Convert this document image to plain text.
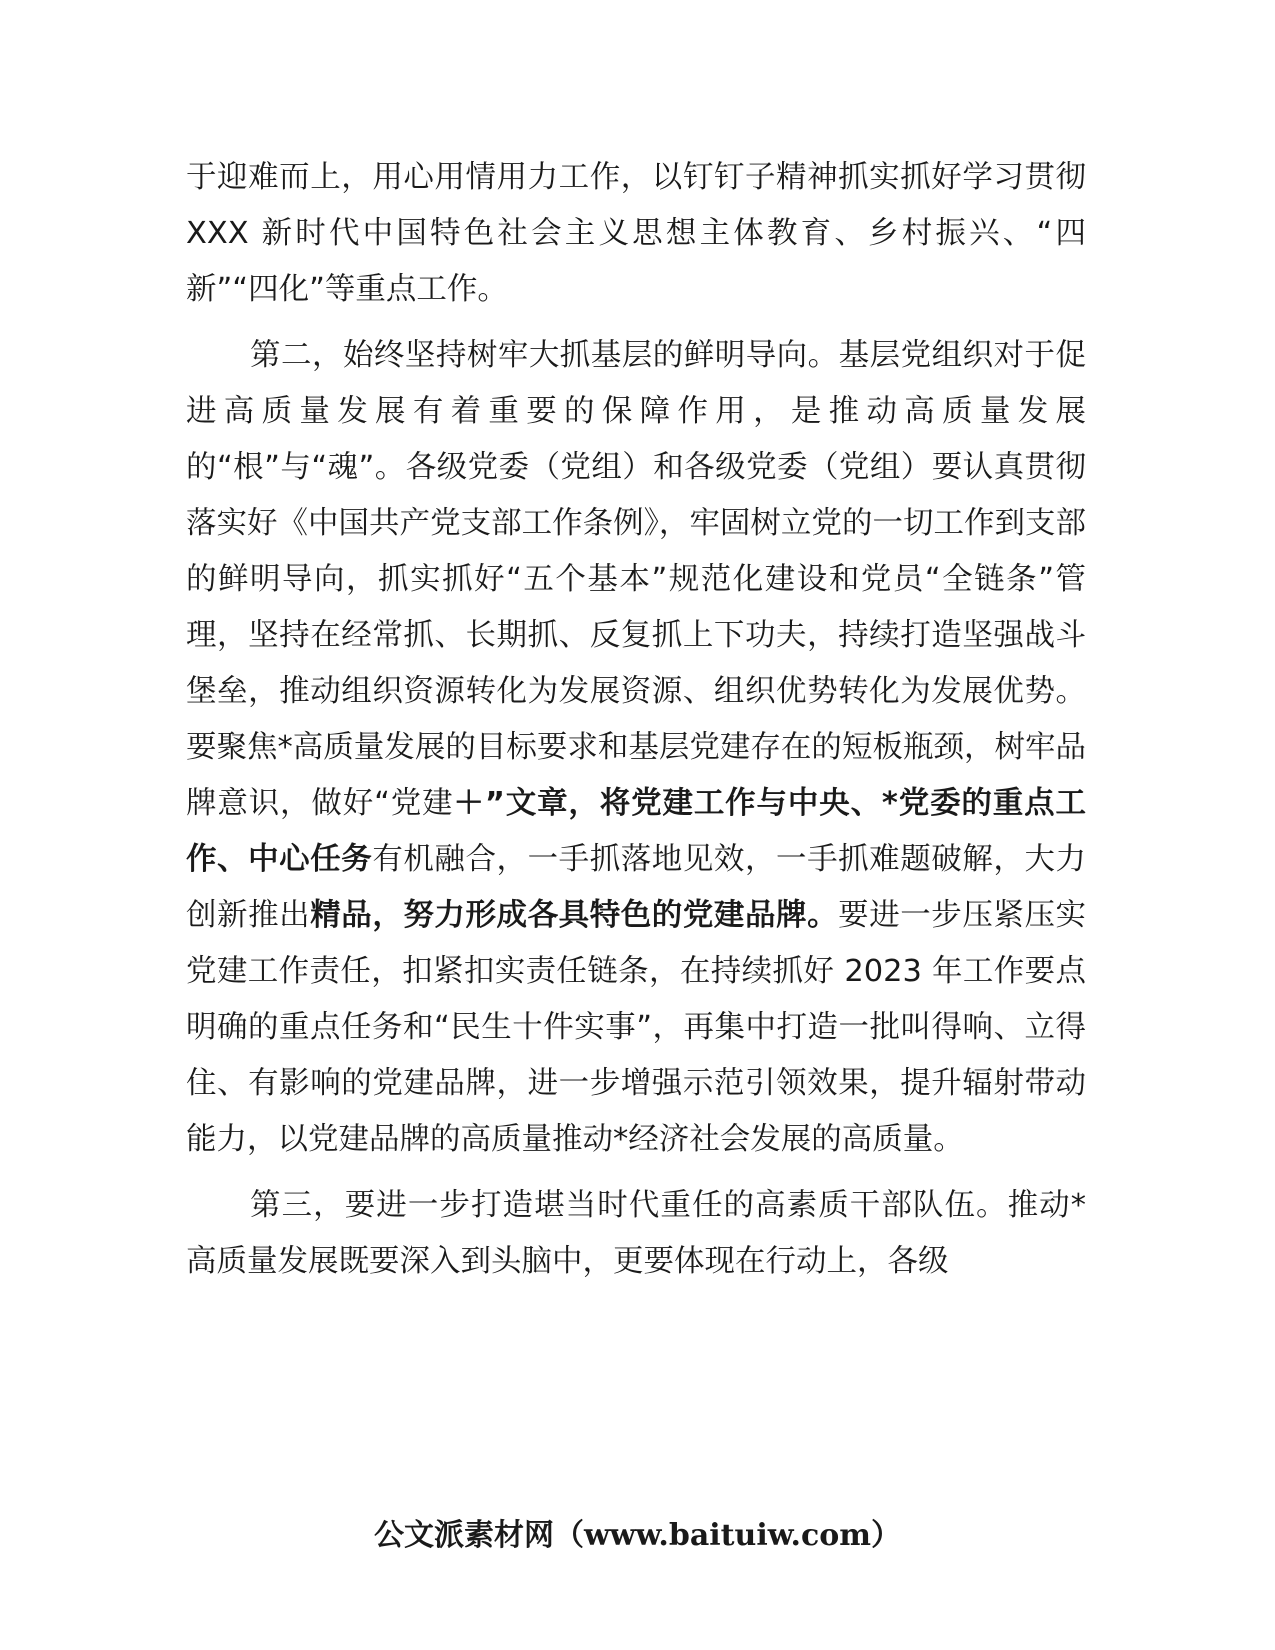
于迎难而上，用心用情用力工作，以钉钉子精神抓实抓好学习贯彻 XXX 新时代中国特色社会主义思想主体教育、乡村振兴、“四新”“四化”等重点工作。

第二，始终坚持树牢大抓基层的鲜明导向。基层党组织对于促进高质量发展有着重要的保障作用，是推动高质量发展的“根”与“魂”。各级党委（党组）和各级党委（党组）要认真贯彻落实好《中国共产党支部工作条例》，牢固树立党的一切工作到支部的鲜明导向，抓实抓好“五个基本”规范化建设和党员“全链条”管理，坚持在经常抓、长期抓、反复抓上下功夫，持续打造坚强战斗堡垒，推动组织资源转化为发展资源、组织优势转化为发展优势。要聚焦*高质量发展的目标要求和基层党建存在的短板瓶颈，树牢品牌意识，做好“党建＋”文章，将党建工作与中央、*党委的重点工作、中心任务有机融合，一手抓落地见效，一手抓难题破解，大力创新推出精品，努力形成各具特色的党建品牌。要进一步压紧压实党建工作责任，扣紧扣实责任链条，在持续抓好 2023 年工作要点明确的重点任务和“民生十件实事”，再集中打造一批叫得响、立得住、有影响的党建品牌，进一步增强示范引领效果，提升辐射带动能力，以党建品牌的高质量推动*经济社会发展的高质量。

第三，要进一步打造堪当时代重任的高素质干部队伍。推动*高质量发展既要深入到头脑中，更要体现在行动上，各级

公文派素材网（www.baituiw.com）
